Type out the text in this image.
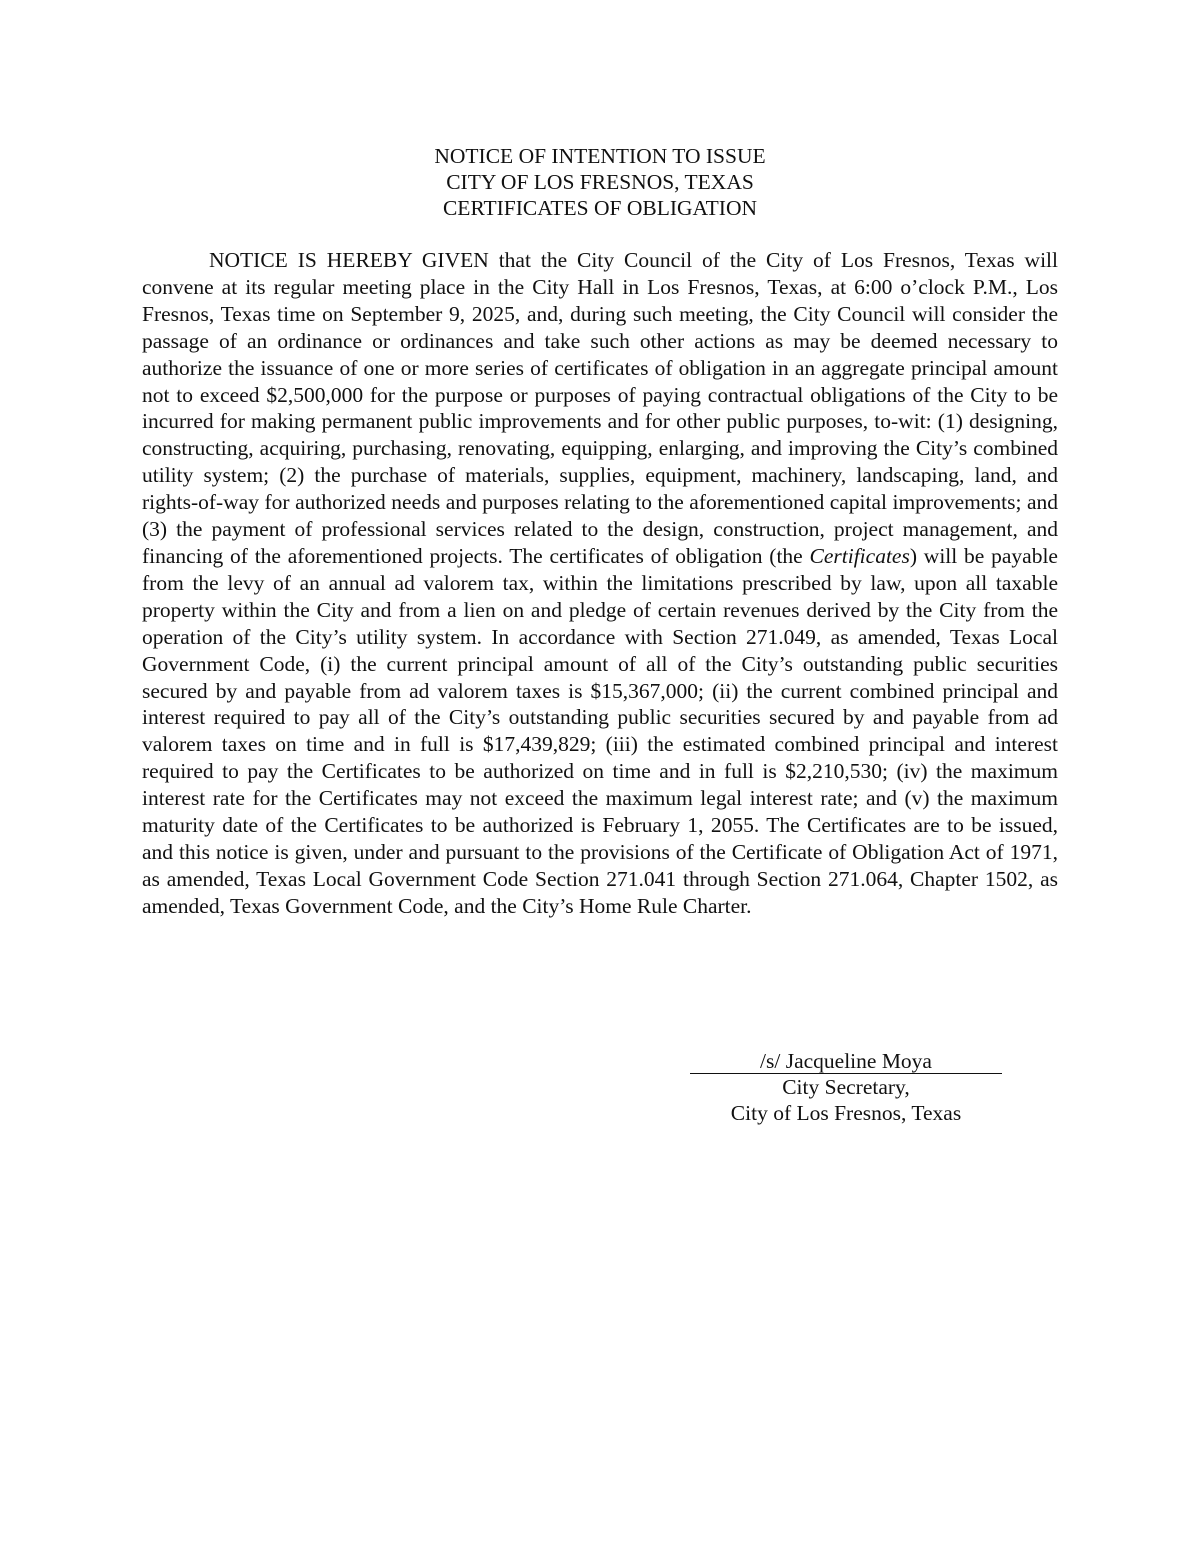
NOTICE OF INTENTION TO ISSUE
CITY OF LOS FRESNOS, TEXAS
CERTIFICATES OF OBLIGATION

NOTICE IS HEREBY GIVEN that the City Council of the City of Los Fresnos, Texas will convene at its regular meeting place in the City Hall in Los Fresnos, Texas, at 6:00 o’clock P.M., Los Fresnos, Texas time on September 9, 2025, and, during such meeting, the City Council will consider the passage of an ordinance or ordinances and take such other actions as may be deemed necessary to authorize the issuance of one or more series of certificates of obligation in an aggregate principal amount not to exceed $2,500,000 for the purpose or purposes of paying contractual obligations of the City to be incurred for making permanent public improvements and for other public purposes, to-wit: (1) designing, constructing, acquiring, purchasing, renovating, equipping, enlarging, and improving the City’s combined utility system; (2) the purchase of materials, supplies, equipment, machinery, landscaping, land, and rights-of-way for authorized needs and purposes relating to the aforementioned capital improvements; and (3) the payment of professional services related to the design, construction, project management, and financing of the aforementioned projects. The certificates of obligation (the Certificates) will be payable from the levy of an annual ad valorem tax, within the limitations prescribed by law, upon all taxable property within the City and from a lien on and pledge of certain revenues derived by the City from the operation of the City’s utility system. In accordance with Section 271.049, as amended, Texas Local Government Code, (i) the current principal amount of all of the City’s outstanding public securities secured by and payable from ad valorem taxes is $15,367,000; (ii) the current combined principal and interest required to pay all of the City’s outstanding public securities secured by and payable from ad valorem taxes on time and in full is $17,439,829; (iii) the estimated combined principal and interest required to pay the Certificates to be authorized on time and in full is $2,210,530; (iv) the maximum interest rate for the Certificates may not exceed the maximum legal interest rate; and (v) the maximum maturity date of the Certificates to be authorized is February 1, 2055. The Certificates are to be issued, and this notice is given, under and pursuant to the provisions of the Certificate of Obligation Act of 1971, as amended, Texas Local Government Code Section 271.041 through Section 271.064, Chapter 1502, as amended, Texas Government Code, and the City’s Home Rule Charter.

/s/ Jacqueline Moya
City Secretary,
City of Los Fresnos, Texas
